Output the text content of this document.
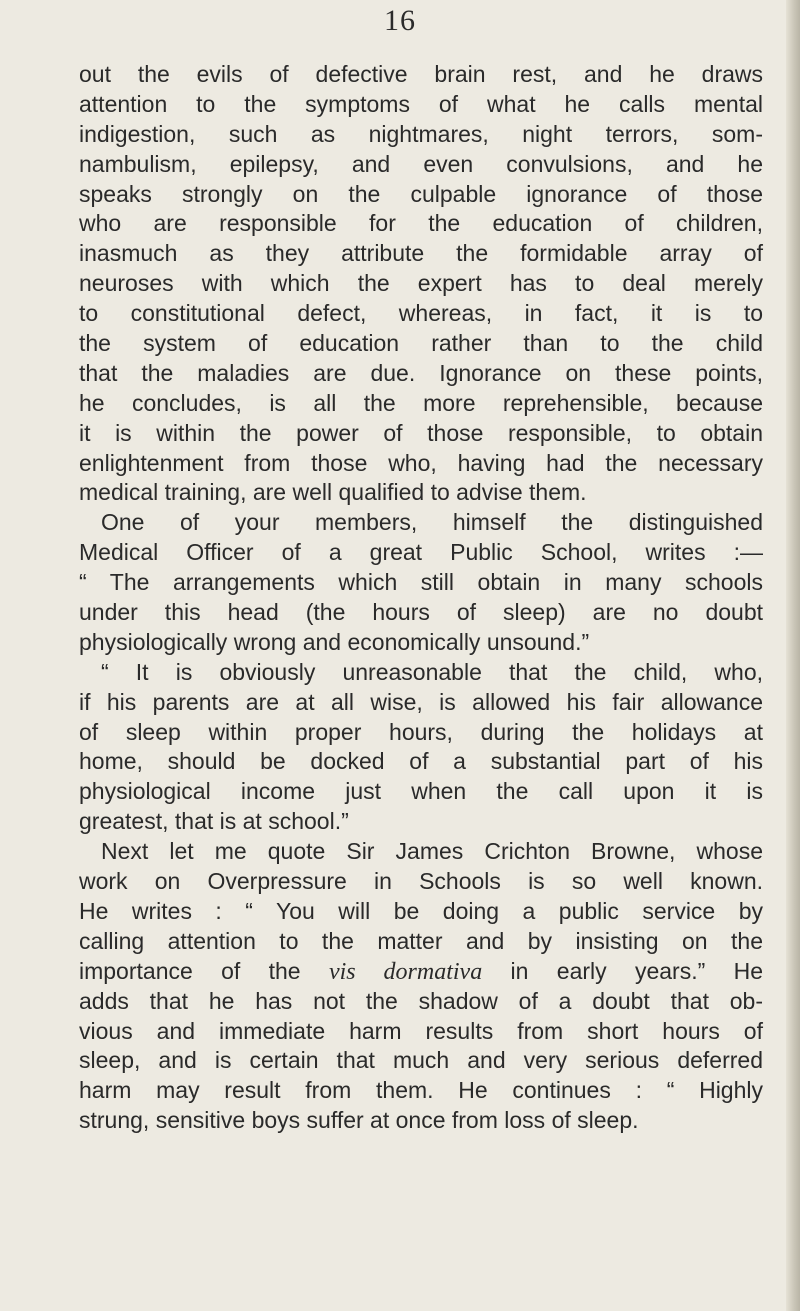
16
out the evils of defective brain rest, and he draws
attention to the symptoms of what he calls mental
indigestion, such as nightmares, night terrors, som-
nambulism, epilepsy, and even convulsions, and he
speaks strongly on the culpable ignorance of those
who are responsible for the education of children,
inasmuch as they attribute the formidable array of
neuroses with which the expert has to deal merely
to constitutional defect, whereas, in fact, it is to
the system of education rather than to the child
that the maladies are due. Ignorance on these points,
he concludes, is all the more reprehensible, because
it is within the power of those responsible, to obtain
enlightenment from those who, having had the necessary
medical training, are well qualified to advise them.
One of your members, himself the distinguished
Medical Officer of a great Public School, writes :—
“ The arrangements which still obtain in many schools
under this head (the hours of sleep) are no doubt
physiologically wrong and economically unsound.”
“ It is obviously unreasonable that the child, who,
if his parents are at all wise, is allowed his fair allowance
of sleep within proper hours, during the holidays at
home, should be docked of a substantial part of his
physiological income just when the call upon it is
greatest, that is at school.”
Next let me quote Sir James Crichton Browne, whose
work on Overpressure in Schools is so well known.
He writes : “ You will be doing a public service by
calling attention to the matter and by insisting on the
importance of the vis dormativa in early years.” He
adds that he has not the shadow of a doubt that ob-
vious and immediate harm results from short hours of
sleep, and is certain that much and very serious deferred
harm may result from them. He continues : “ Highly
strung, sensitive boys suffer at once from loss of sleep.
